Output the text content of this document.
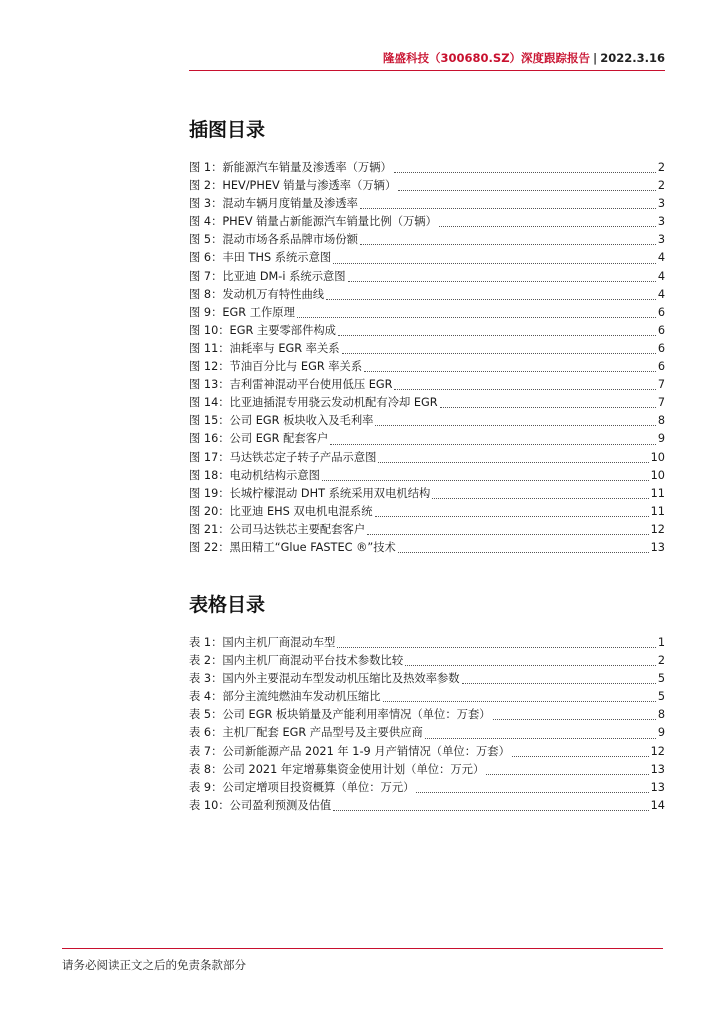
隆盛科技（300680.SZ）深度跟踪报告 | 2022.3.16
插图目录
图 1：新能源汽车销量及渗透率（万辆）	2
图 2：HEV/PHEV 销量与渗透率（万辆）	2
图 3：混动车辆月度销量及渗透率	3
图 4：PHEV 销量占新能源汽车销量比例（万辆）	3
图 5：混动市场各系品牌市场份额	3
图 6：丰田 THS 系统示意图	4
图 7：比亚迪 DM-i 系统示意图	4
图 8：发动机万有特性曲线	4
图 9：EGR 工作原理	6
图 10：EGR 主要零部件构成	6
图 11：油耗率与 EGR 率关系	6
图 12：节油百分比与 EGR 率关系	6
图 13：吉利雷神混动平台使用低压 EGR	7
图 14：比亚迪插混专用骁云发动机配有冷却 EGR	7
图 15：公司 EGR 板块收入及毛利率	8
图 16：公司 EGR 配套客户	9
图 17：马达铁芯定子转子产品示意图	10
图 18：电动机结构示意图	10
图 19：长城柠檬混动 DHT 系统采用双电机结构	11
图 20：比亚迪 EHS 双电机电混系统	11
图 21：公司马达铁芯主要配套客户	12
图 22：黑田精工“Glue FASTEC ®”技术	13
表格目录
表 1：国内主机厂商混动车型	1
表 2：国内主机厂商混动平台技术参数比较	2
表 3：国内外主要混动车型发动机压缩比及热效率参数	5
表 4：部分主流纯燃油车发动机压缩比	5
表 5：公司 EGR 板块销量及产能利用率情况（单位：万套）	8
表 6：主机厂配套 EGR 产品型号及主要供应商	9
表 7：公司新能源产品 2021 年 1-9 月产销情况（单位：万套）	12
表 8：公司 2021 年定增募集资金使用计划（单位：万元）	13
表 9：公司定增项目投资概算（单位：万元）	13
表 10：公司盈利预测及估值	14
请务必阅读正文之后的免责条款部分
